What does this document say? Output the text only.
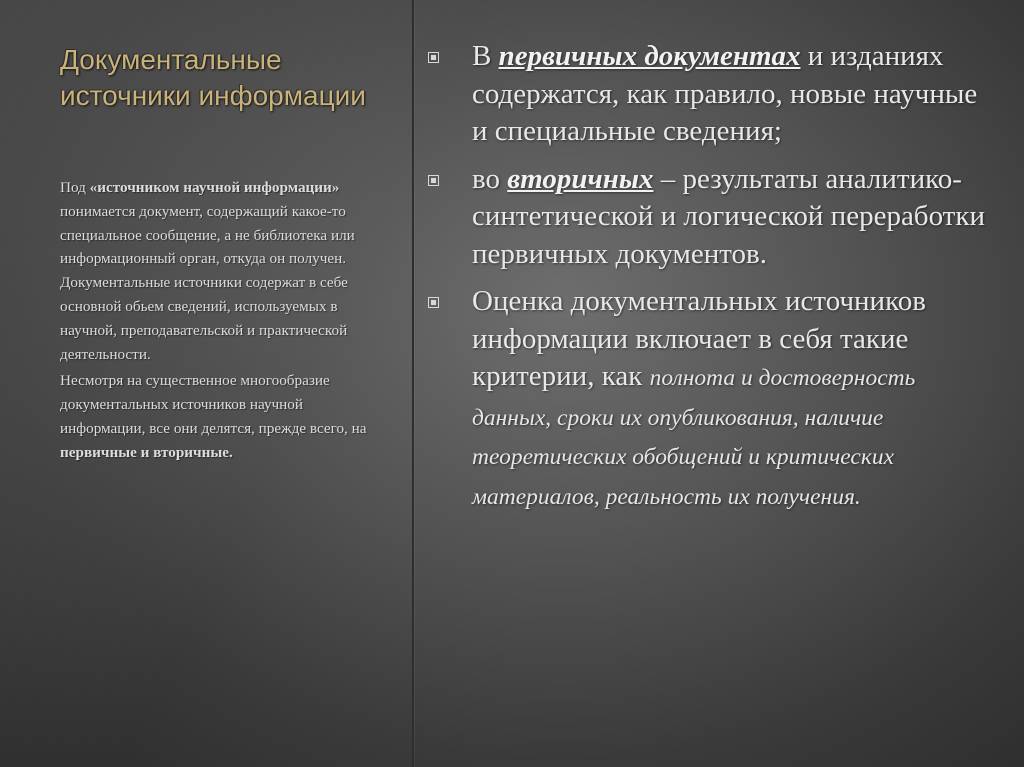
Документальные источники информации

Под «источником научной информации» понимается документ, содержащий какое-то специальное сообщение, а не библиотека или информационный орган, откуда он получен. Документальные источники содержат в себе основной обьем сведений, используемых в научной, преподавательской и практической деятельности.

Несмотря на существенное многообразие документальных источников научной информации, все они делятся, прежде всего, на первичные и вторичные.

В первичных документах и изданиях содержатся, как правило, новые научные и специальные сведения;
во вторичных – результаты аналитико-синтетической и логической переработки первичных документов.
Оценка документальных источников информации включает в себя такие критерии, как полнота и достоверность данных, сроки их опубликования, наличие теоретических обобщений и критических материалов, реальность их получения.
